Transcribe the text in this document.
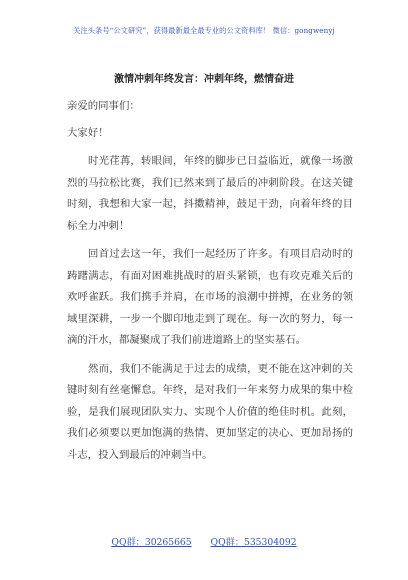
关注头条号“公文研究”，获得最新最全最专业的公文资料库！ 微信：gongwenyj
激情冲刺年终发言：冲刺年终，燃情奋进

亲爱的同事们：

大家好！

时光荏苒，转眼间，年终的脚步已日益临近，就像一场激烈的马拉松比赛，我们已然来到了最后的冲刺阶段。在这关键时刻，我想和大家一起，抖擞精神，鼓足干劲，向着年终的目标全力冲刺！

回首过去这一年，我们一起经历了许多。有项目启动时的踌躇满志，有面对困难挑战时的眉头紧锁，也有攻克难关后的欢呼雀跃。我们携手并肩，在市场的浪潮中拼搏，在业务的领域里深耕，一步一个脚印地走到了现在。每一次的努力，每一滴的汗水，都凝聚成了我们前进道路上的坚实基石。

然而，我们不能满足于过去的成绩，更不能在这冲刺的关键时刻有丝毫懈怠。年终，是对我们一年来努力成果的集中检验，是我们展现团队实力、实现个人价值的绝佳时机。此刻，我们必须要以更加饱满的热情、更加坚定的决心、更加昂扬的斗志，投入到最后的冲刺当中。

QQ群：30265665 QQ群：535304092
